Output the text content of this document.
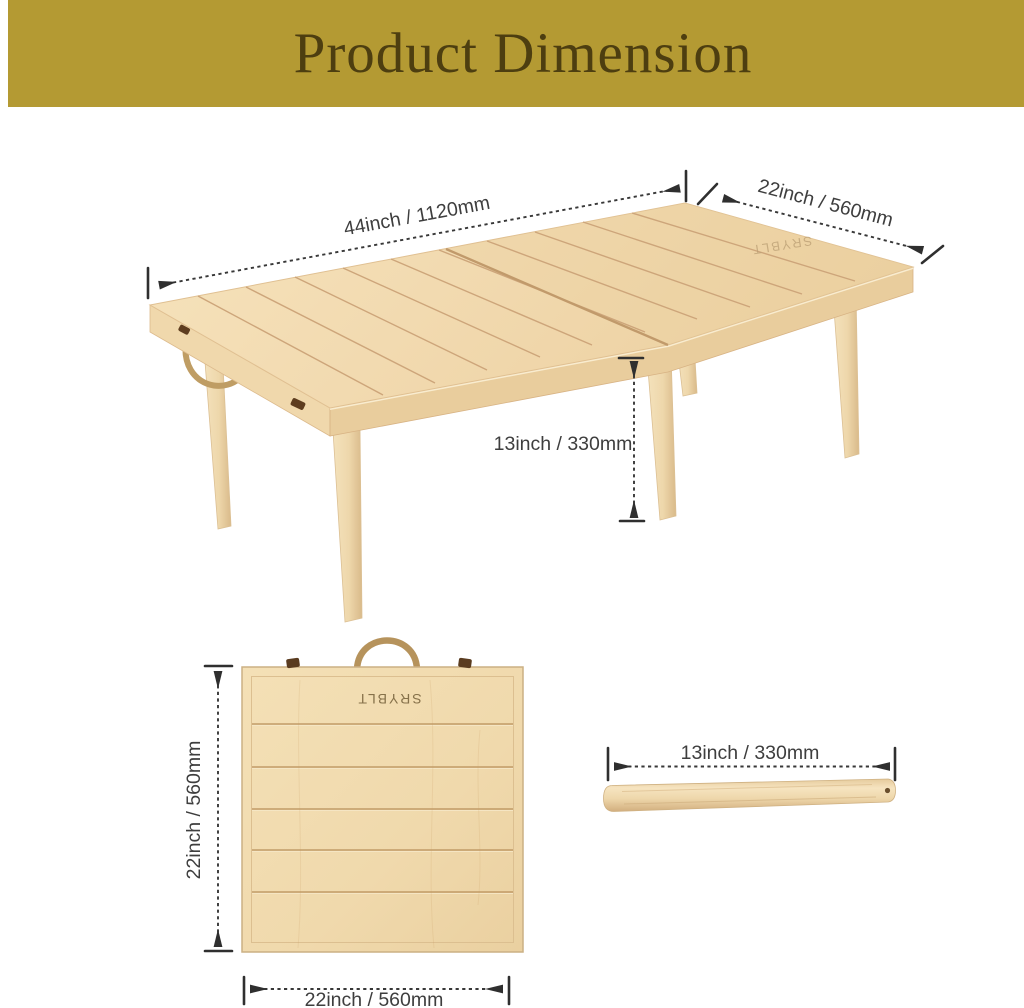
Product Dimension
SRYBLT
44inch / 1120mm	22inch / 560mm
13inch / 330mm
SRYBLT
22inch / 560mm
22inch / 560mm
13inch / 330mm
